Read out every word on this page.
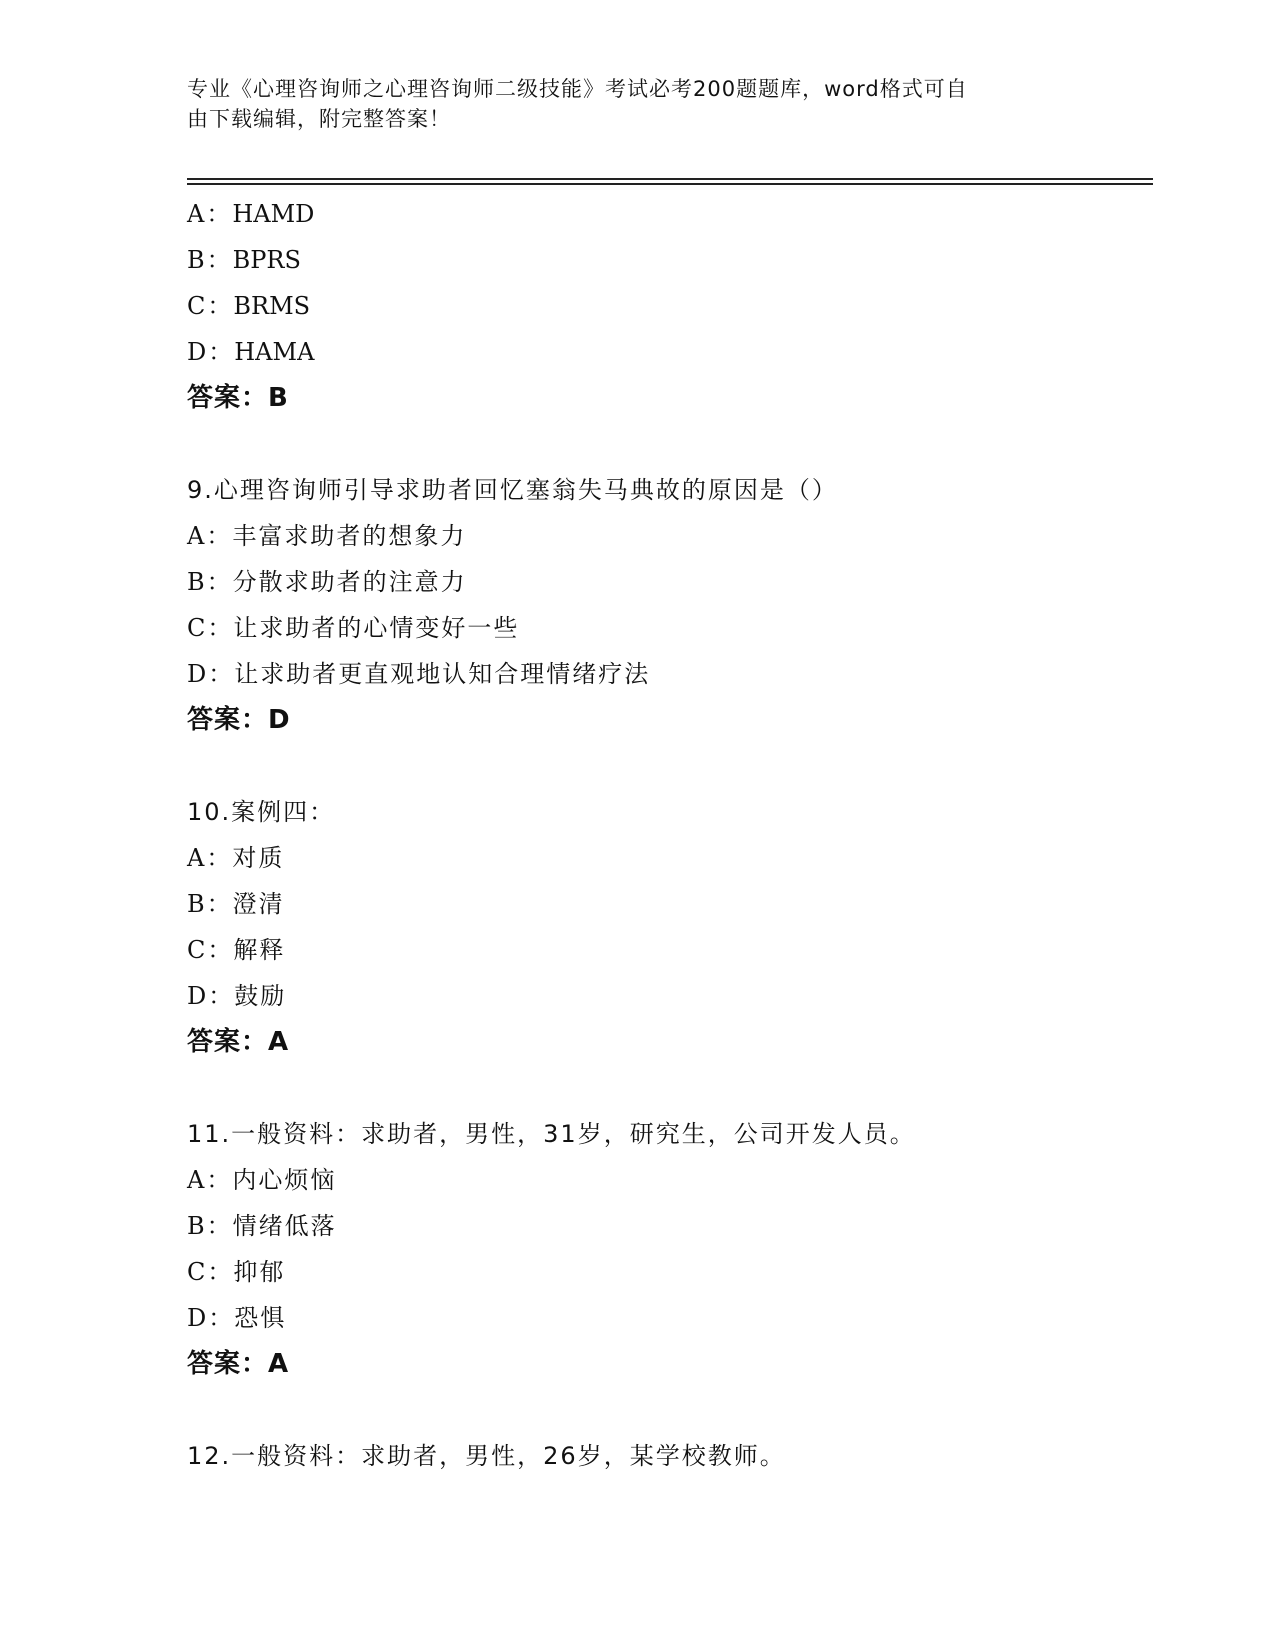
专业《心理咨询师之心理咨询师二级技能》考试必考200题题库，word格式可自
由下载编辑，附完整答案！
A：HAMD
B：BPRS
C：BRMS
D：HAMA
答案：B
9.心理咨询师引导求助者回忆塞翁失马典故的原因是（）
A：丰富求助者的想象力
B：分散求助者的注意力
C：让求助者的心情变好一些
D：让求助者更直观地认知合理情绪疗法
答案：D
10.案例四：
A：对质
B：澄清
C：解释
D：鼓励
答案：A
11.一般资料：求助者，男性，31岁，研究生，公司开发人员。
A：内心烦恼
B：情绪低落
C：抑郁
D：恐惧
答案：A
12.一般资料：求助者，男性，26岁，某学校教师。
